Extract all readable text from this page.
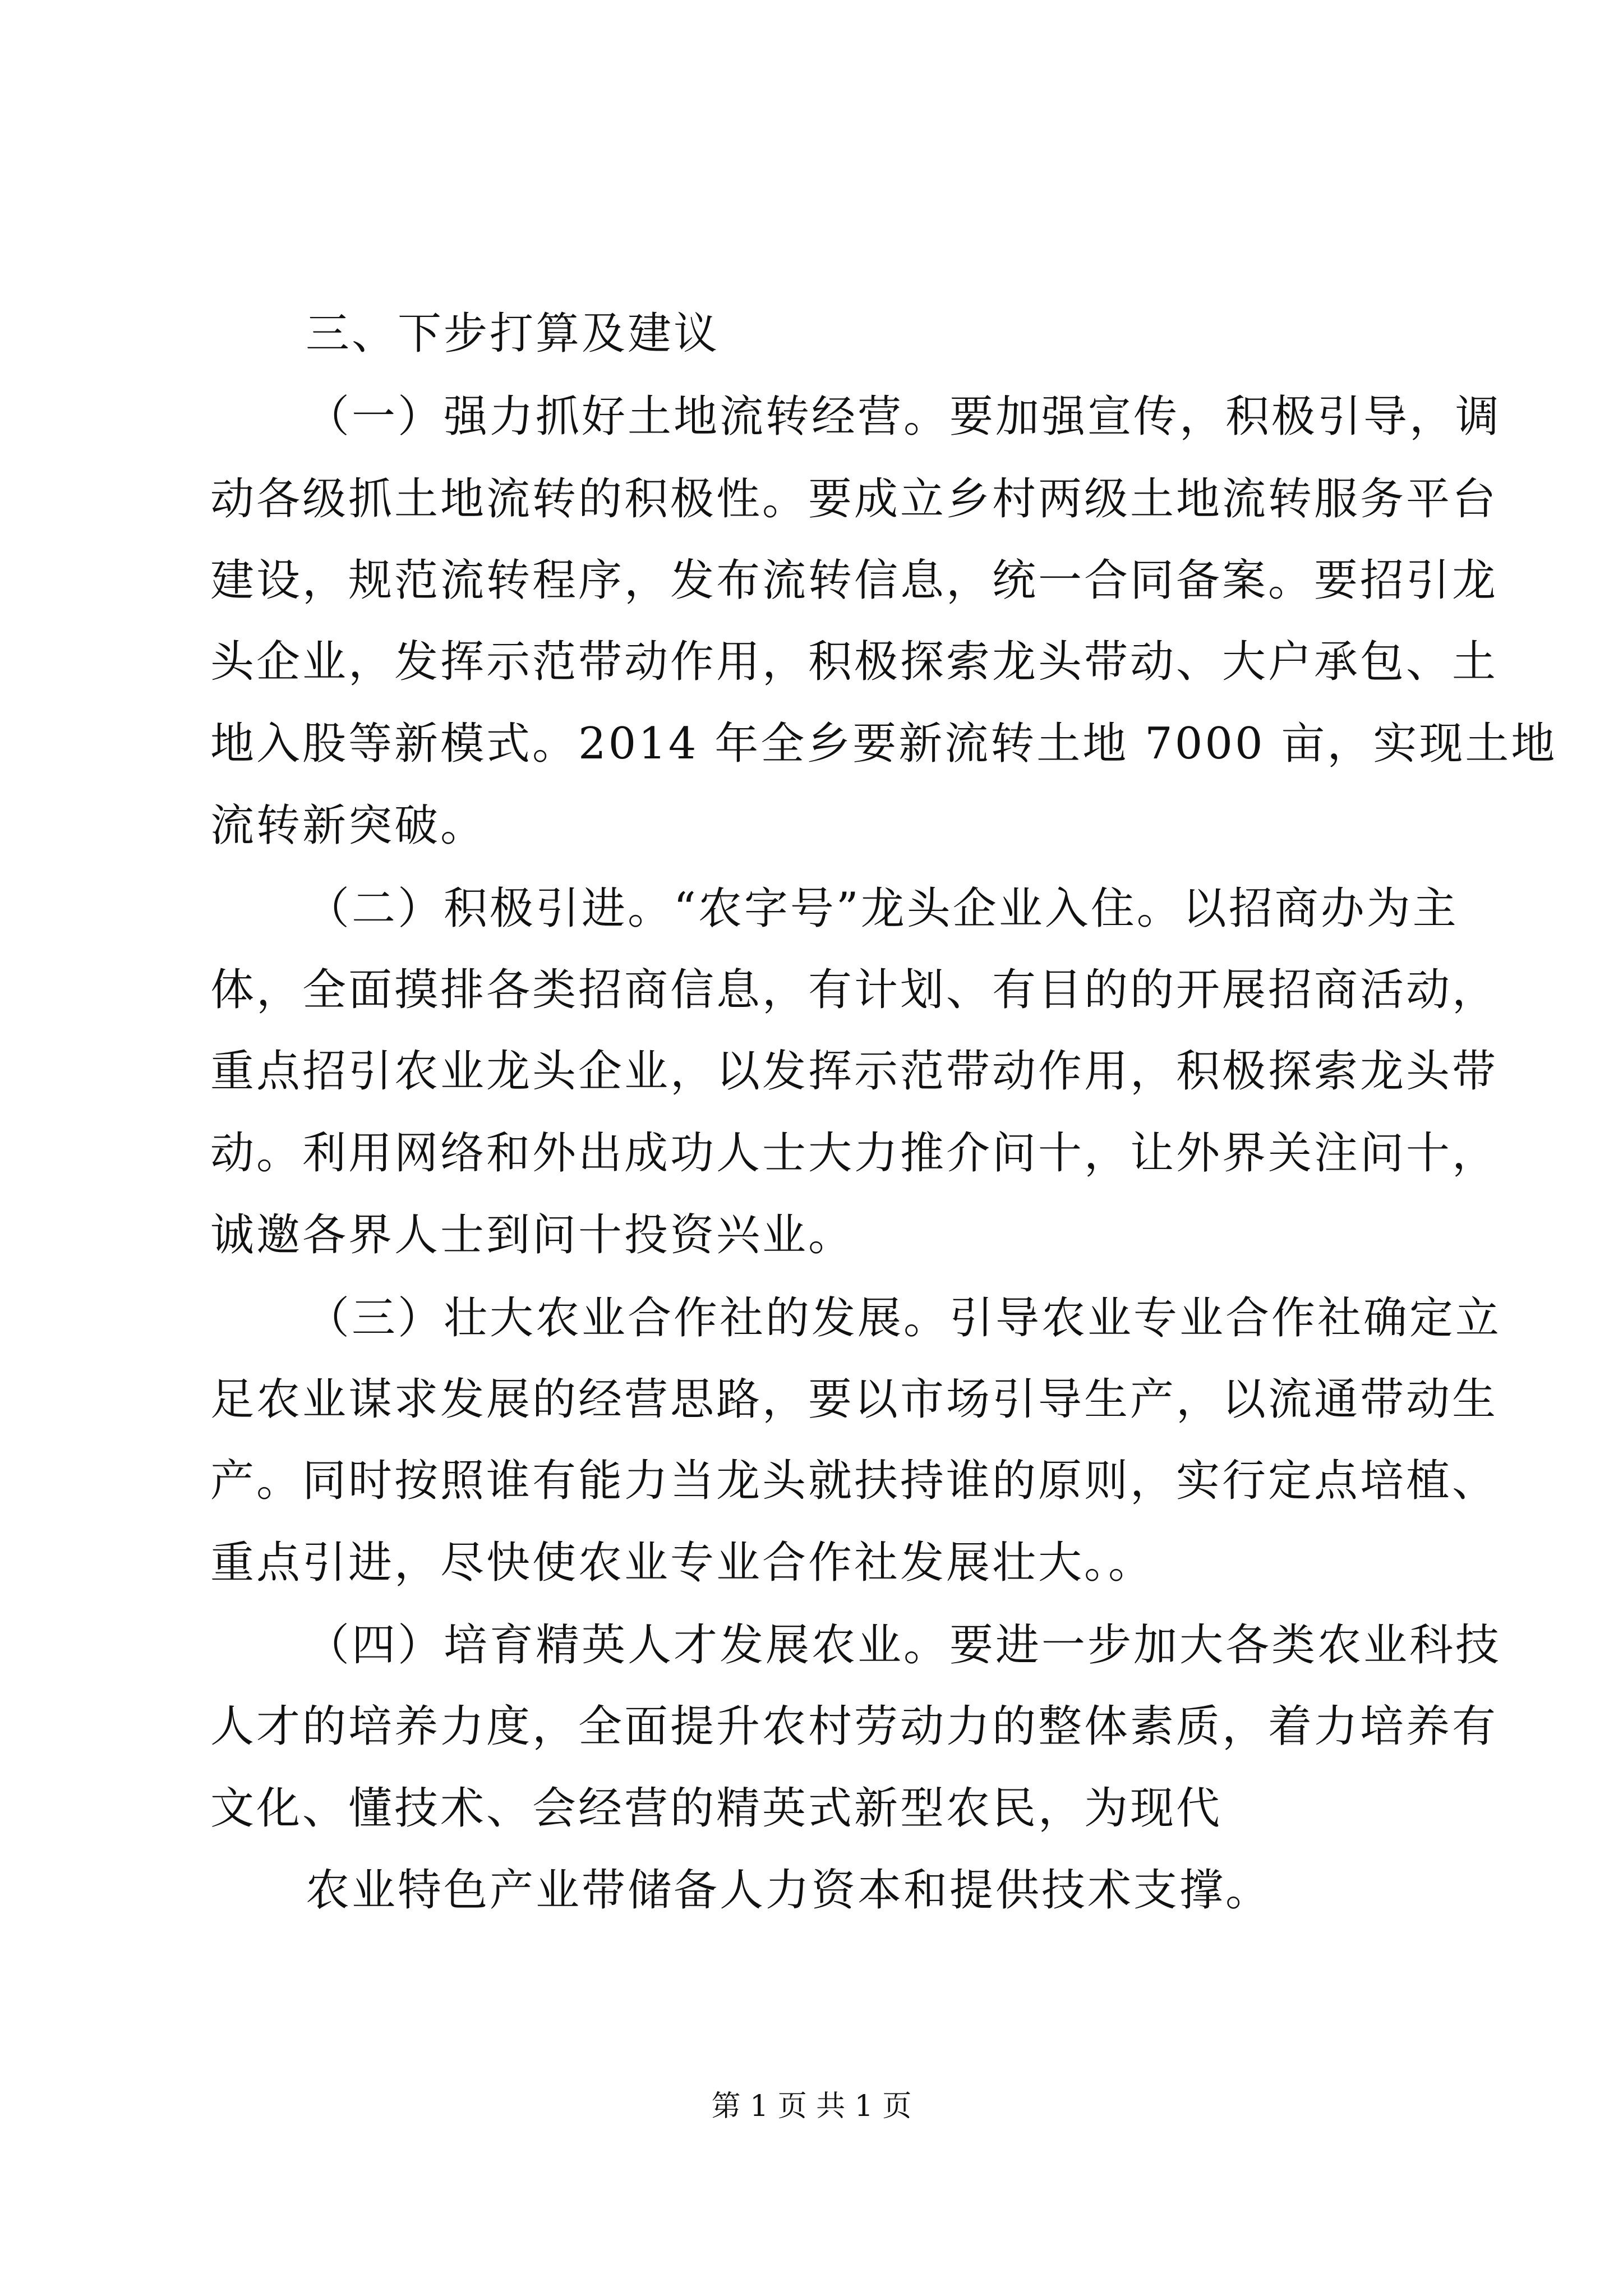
三、下步打算及建议
（一）强力抓好土地流转经营。要加强宣传，积极引导，调
动各级抓土地流转的积极性。要成立乡村两级土地流转服务平台
建设，规范流转程序，发布流转信息，统一合同备案。要招引龙
头企业，发挥示范带动作用，积极探索龙头带动、大户承包、土
地入股等新模式。2014 年全乡要新流转土地 7000 亩，实现土地
流转新突破。
（二）积极引进。“农字号”龙头企业入住。以招商办为主
体，全面摸排各类招商信息，有计划、有目的的开展招商活动，
重点招引农业龙头企业，以发挥示范带动作用，积极探索龙头带
动。利用网络和外出成功人士大力推介问十，让外界关注问十，
诚邀各界人士到问十投资兴业。
（三）壮大农业合作社的发展。引导农业专业合作社确定立
足农业谋求发展的经营思路，要以市场引导生产，以流通带动生
产。同时按照谁有能力当龙头就扶持谁的原则，实行定点培植、
重点引进，尽快使农业专业合作社发展壮大。。
（四）培育精英人才发展农业。要进一步加大各类农业科技
人才的培养力度，全面提升农村劳动力的整体素质，着力培养有
文化、懂技术、会经营的精英式新型农民，为现代
农业特色产业带储备人力资本和提供技术支撑。
第 1 页 共 1 页
